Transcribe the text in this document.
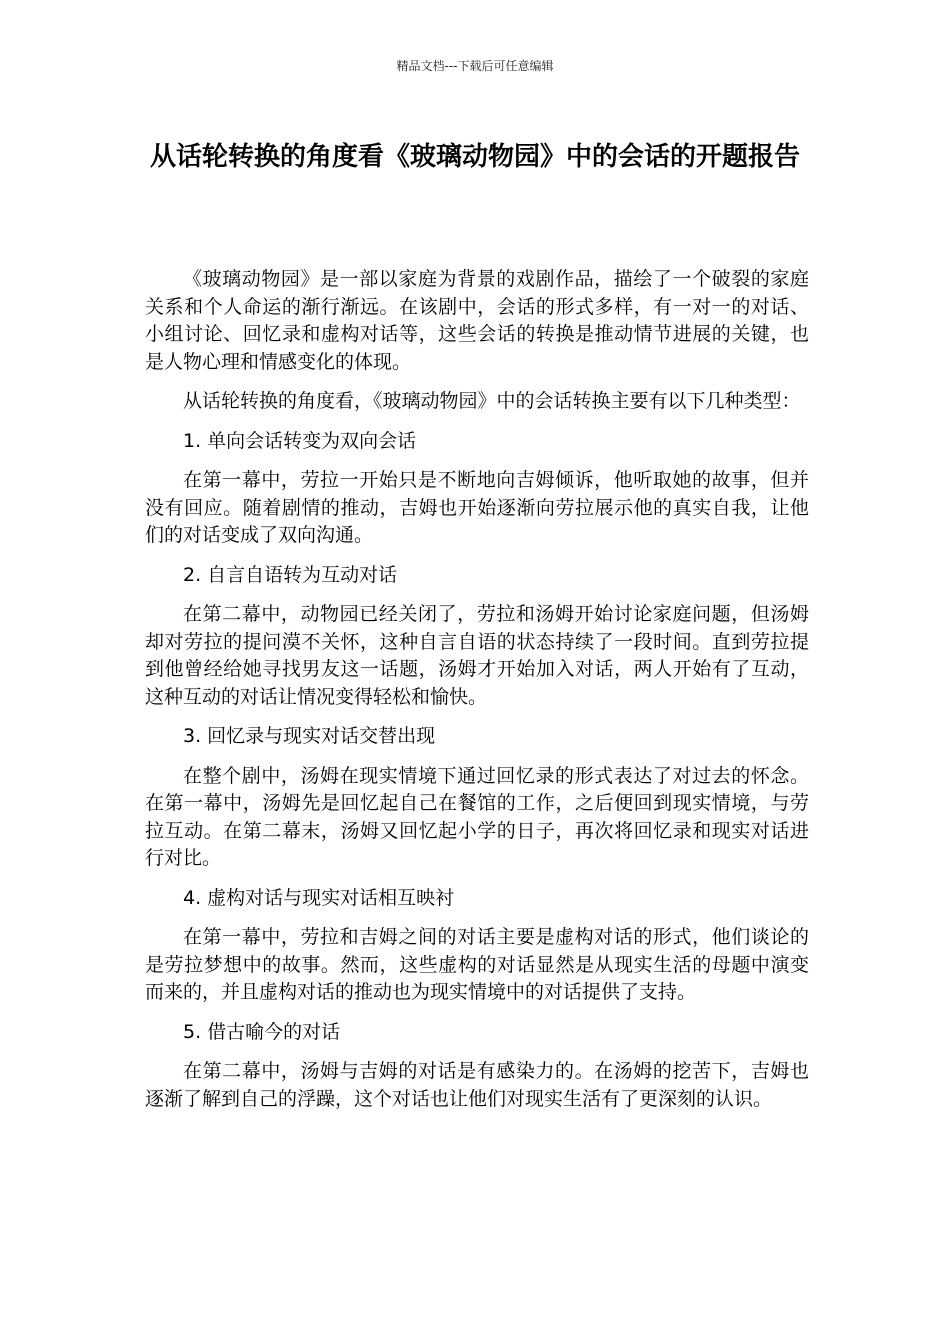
精品文档---下载后可任意编辑
从话轮转换的角度看《玻璃动物园》中的会话的开题报告

《玻璃动物园》是一部以家庭为背景的戏剧作品，描绘了一个破裂的家庭关系和个人命运的渐行渐远。在该剧中，会话的形式多样，有一对一的对话、小组讨论、回忆录和虚构对话等，这些会话的转换是推动情节进展的关键，也是人物心理和情感变化的体现。

从话轮转换的角度看，《玻璃动物园》中的会话转换主要有以下几种类型：

1. 单向会话转变为双向会话

在第一幕中，劳拉一开始只是不断地向吉姆倾诉，他听取她的故事，但并没有回应。随着剧情的推动，吉姆也开始逐渐向劳拉展示他的真实自我，让他们的对话变成了双向沟通。

2. 自言自语转为互动对话

在第二幕中，动物园已经关闭了，劳拉和汤姆开始讨论家庭问题，但汤姆却对劳拉的提问漠不关怀，这种自言自语的状态持续了一段时间。直到劳拉提到他曾经给她寻找男友这一话题，汤姆才开始加入对话，两人开始有了互动，这种互动的对话让情况变得轻松和愉快。

3. 回忆录与现实对话交替出现

在整个剧中，汤姆在现实情境下通过回忆录的形式表达了对过去的怀念。在第一幕中，汤姆先是回忆起自己在餐馆的工作，之后便回到现实情境，与劳拉互动。在第二幕末，汤姆又回忆起小学的日子，再次将回忆录和现实对话进行对比。

4. 虚构对话与现实对话相互映衬

在第一幕中，劳拉和吉姆之间的对话主要是虚构对话的形式，他们谈论的是劳拉梦想中的故事。然而，这些虚构的对话显然是从现实生活的母题中演变而来的，并且虚构对话的推动也为现实情境中的对话提供了支持。

5. 借古喻今的对话

在第二幕中，汤姆与吉姆的对话是有感染力的。在汤姆的挖苦下，吉姆也逐渐了解到自己的浮躁，这个对话也让他们对现实生活有了更深刻的认识。
